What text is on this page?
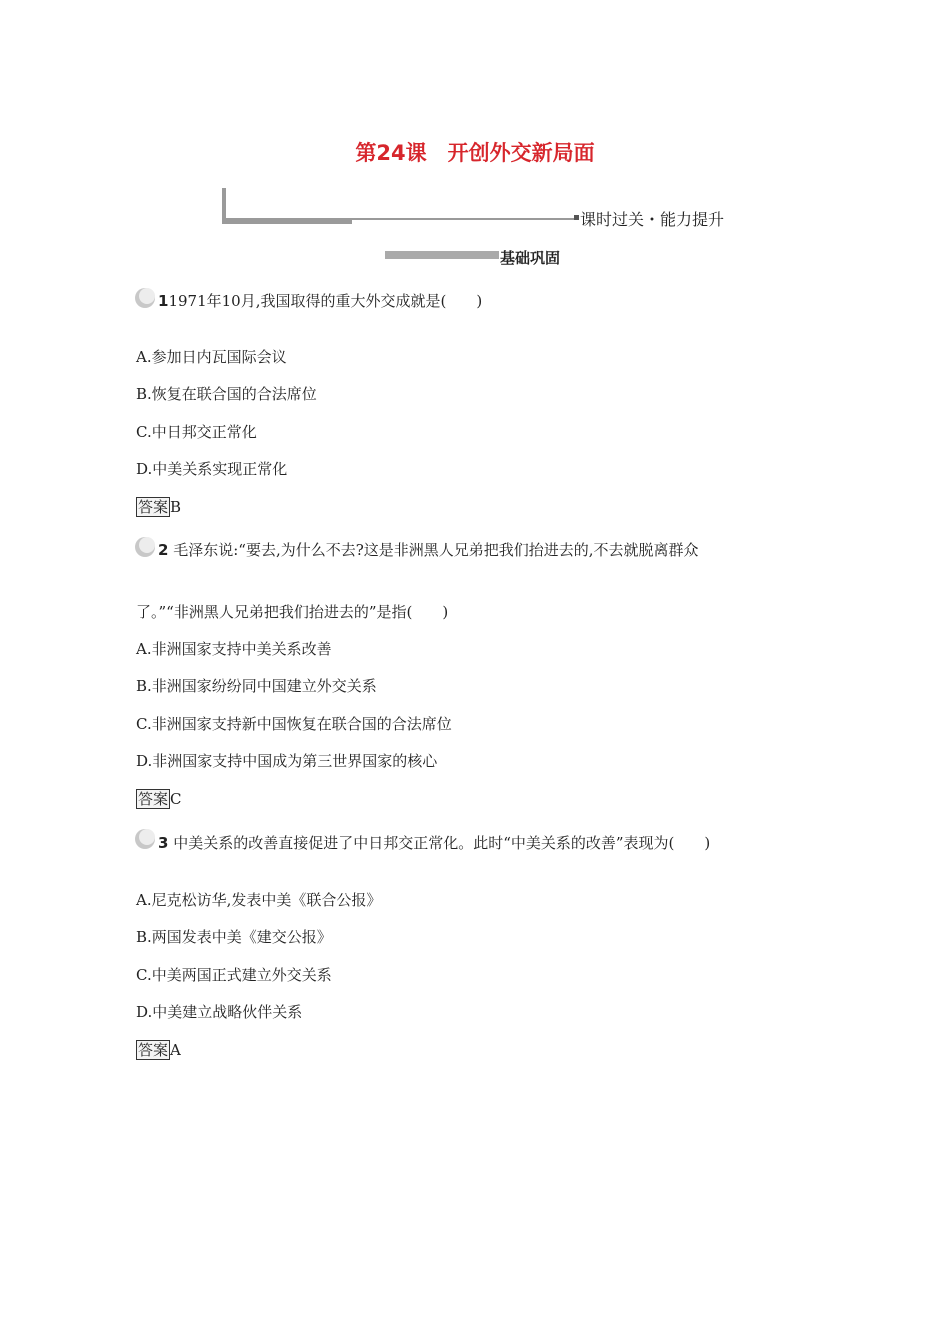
第24课　开创外交新局面
课时过关・能力提升
基础巩固
11971年10月,我国取得的重大外交成就是(　　)
A.参加日内瓦国际会议
B.恢复在联合国的合法席位
C.中日邦交正常化
D.中美关系实现正常化
答案 B
2 毛泽东说:“要去,为什么不去?这是非洲黑人兄弟把我们抬进去的,不去就脱离群众
了。”“非洲黑人兄弟把我们抬进去的”是指(　　)
A.非洲国家支持中美关系改善
B.非洲国家纷纷同中国建立外交关系
C.非洲国家支持新中国恢复在联合国的合法席位
D.非洲国家支持中国成为第三世界国家的核心
答案 C
3 中美关系的改善直接促进了中日邦交正常化。此时“中美关系的改善”表现为(　　)
A.尼克松访华,发表中美《联合公报》
B.两国发表中美《建交公报》
C.中美两国正式建立外交关系
D.中美建立战略伙伴关系
答案 A
